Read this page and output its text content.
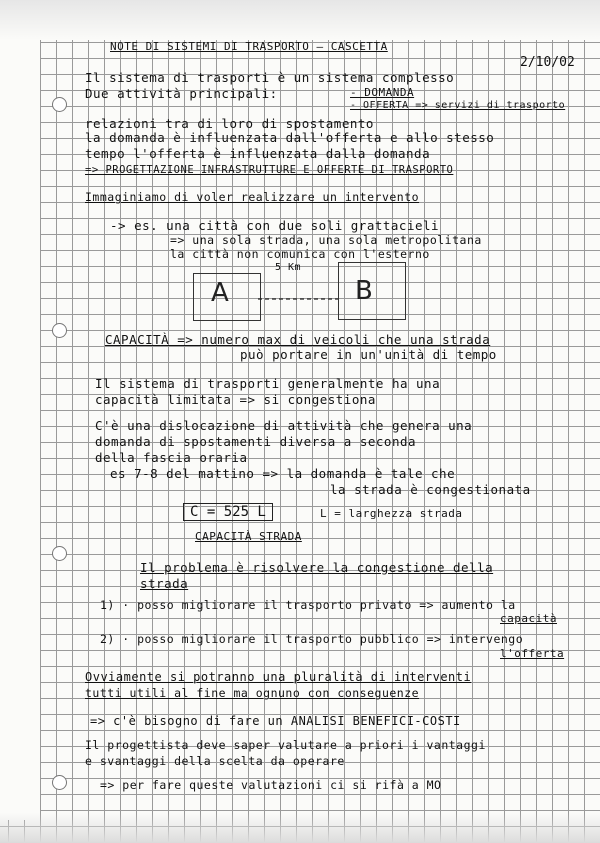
NOTE DI SISTEMI DI TRASPORTO — CASCETTA
2/10/02
Il sistema di trasporti è un sistema complesso
Due attività principali:	- DOMANDA
- OFFERTA => servizi di trasporto
relazioni tra di loro di spostamento
la domanda è influenzata dall'offerta e allo stesso
tempo l'offerta è influenzata dalla domanda
=> PROGETTAZIONE INFRASTRUTTURE E OFFERTE DI TRASPORTO
Immaginiamo di voler realizzare un intervento
-> es. una città con due soli grattacieli
=> una sola strada, una sola metropolitana
la città non comunica con l'esterno
A	B
5 Km
CAPACITÀ => numero max di veicoli che una strada
può portare in un'unità di tempo
Il sistema di trasporti generalmente ha una
capacità limitata => si congestiona
C'è una dislocazione di attività che genera una
domanda di spostamenti diversa a seconda
della fascia oraria
es 7-8 del mattino => la domanda è tale che
la strada è congestionata
C = 525 L	L = larghezza strada
CAPACITÀ STRADA
Il problema è risolvere la congestione della
strada
1) · posso migliorare il trasporto privato => aumento la
capacità
2) · posso migliorare il trasporto pubblico => intervengo
l'offerta
Ovviamente si potranno una pluralità di interventi
tutti utili al fine ma ognuno con conseguenze
=> c'è bisogno di fare un ANALISI BENEFICI-COSTI
Il progettista deve saper valutare a priori i vantaggi
e svantaggi della scelta da operare
=> per fare queste valutazioni ci si rifà a MO
